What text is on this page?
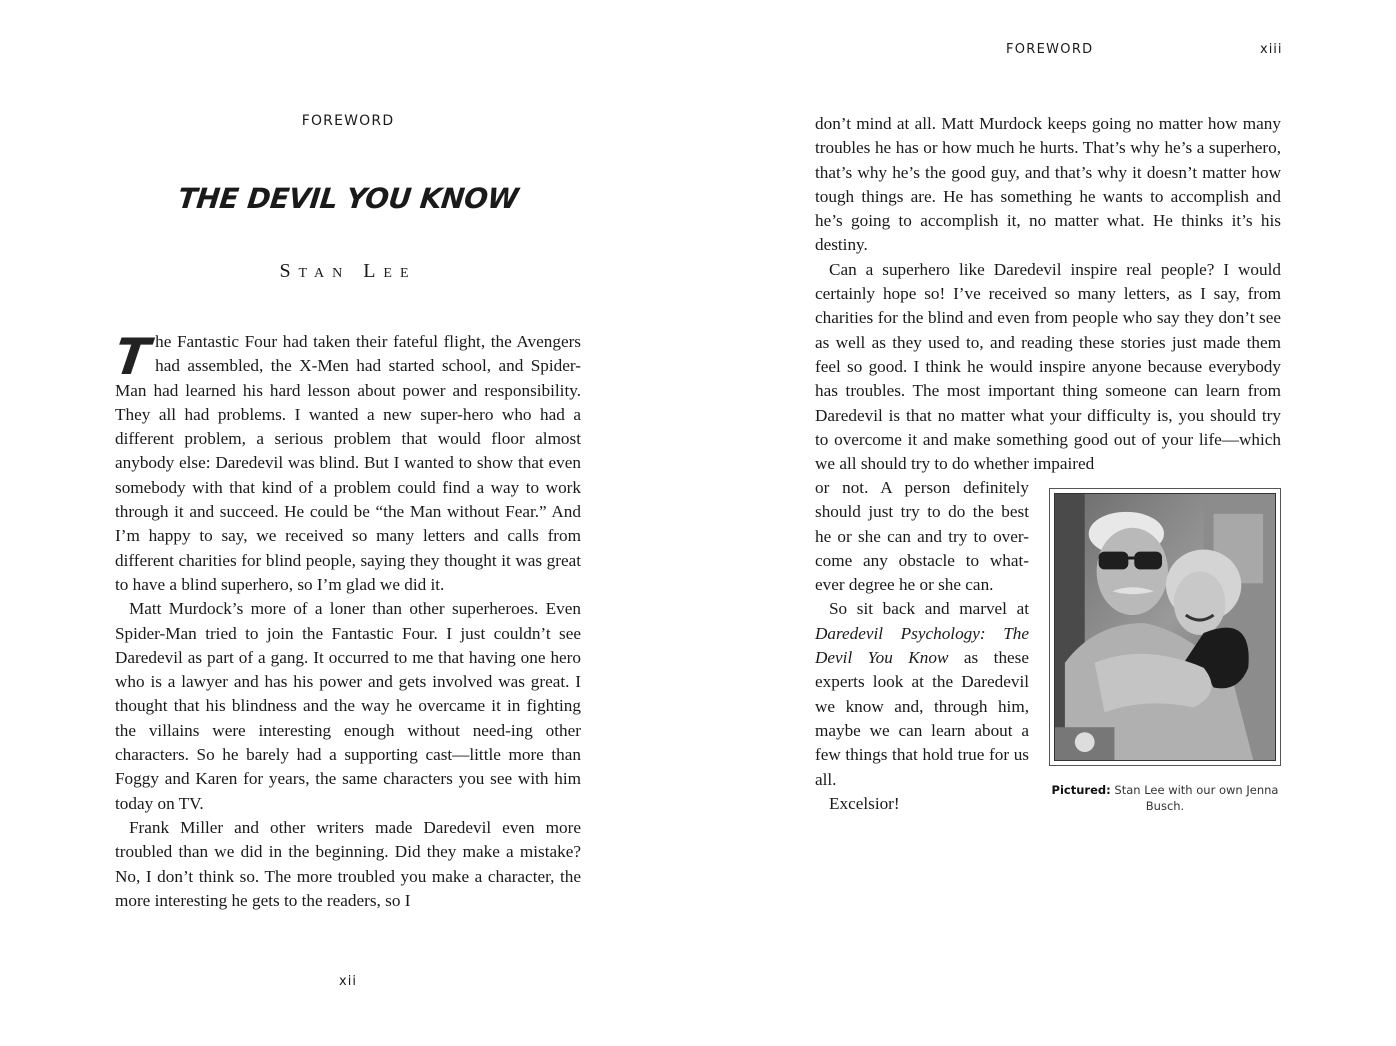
FOREWORD
THE DEVIL YOU KNOW
Stan Lee

The Fantastic Four had taken their fateful flight, the Avengers had assembled, the X-Men had started school, and Spider-Man had learned his hard lesson about power and responsibility. They all had problems. I wanted a new super-hero who had a different problem, a serious problem that would floor almost anybody else: Daredevil was blind. But I wanted to show that even somebody with that kind of a problem could find a way to work through it and succeed. He could be “the Man without Fear.” And I’m happy to say, we received so many letters and calls from different charities for blind people, saying they thought it was great to have a blind superhero, so I’m glad we did it.

Matt Murdock’s more of a loner than other superheroes. Even Spider-Man tried to join the Fantastic Four. I just couldn’t see Daredevil as part of a gang. It occurred to me that having one hero who is a lawyer and has his power and gets involved was great. I thought that his blindness and the way he overcame it in fighting the villains were interesting enough without need-ing other characters. So he barely had a supporting cast—little more than Foggy and Karen for years, the same characters you see with him today on TV.

Frank Miller and other writers made Daredevil even more troubled than we did in the beginning. Did they make a mistake? No, I don’t think so. The more troubled you make a character, the more interesting he gets to the readers, so I

xii
FOREWORD	xiii

don’t mind at all. Matt Murdock keeps going no matter how many troubles he has or how much he hurts. That’s why he’s a superhero, that’s why he’s the good guy, and that’s why it doesn’t matter how tough things are. He has something he wants to accomplish and he’s going to accomplish it, no matter what. He thinks it’s his destiny.

Can a superhero like Daredevil inspire real people? I would certainly hope so! I’ve received so many letters, as I say, from charities for the blind and even from people who say they don’t see as well as they used to, and reading these stories just made them feel so good. I think he would inspire anyone because everybody has troubles. The most important thing someone can learn from Daredevil is that no matter what your difficulty is, you should try to overcome it and make something good out of your life—which we all should try to do whether impaired

or not. A person definitely should just try to do the best he or she can and try to over-come any obstacle to what-ever degree he or she can.

So sit back and marvel at Daredevil Psychology: The Devil You Know as these experts look at the Daredevil we know and, through him, maybe we can learn about a few things that hold true for us all.

Excelsior!

Pictured: Stan Lee with our own Jenna Busch.
